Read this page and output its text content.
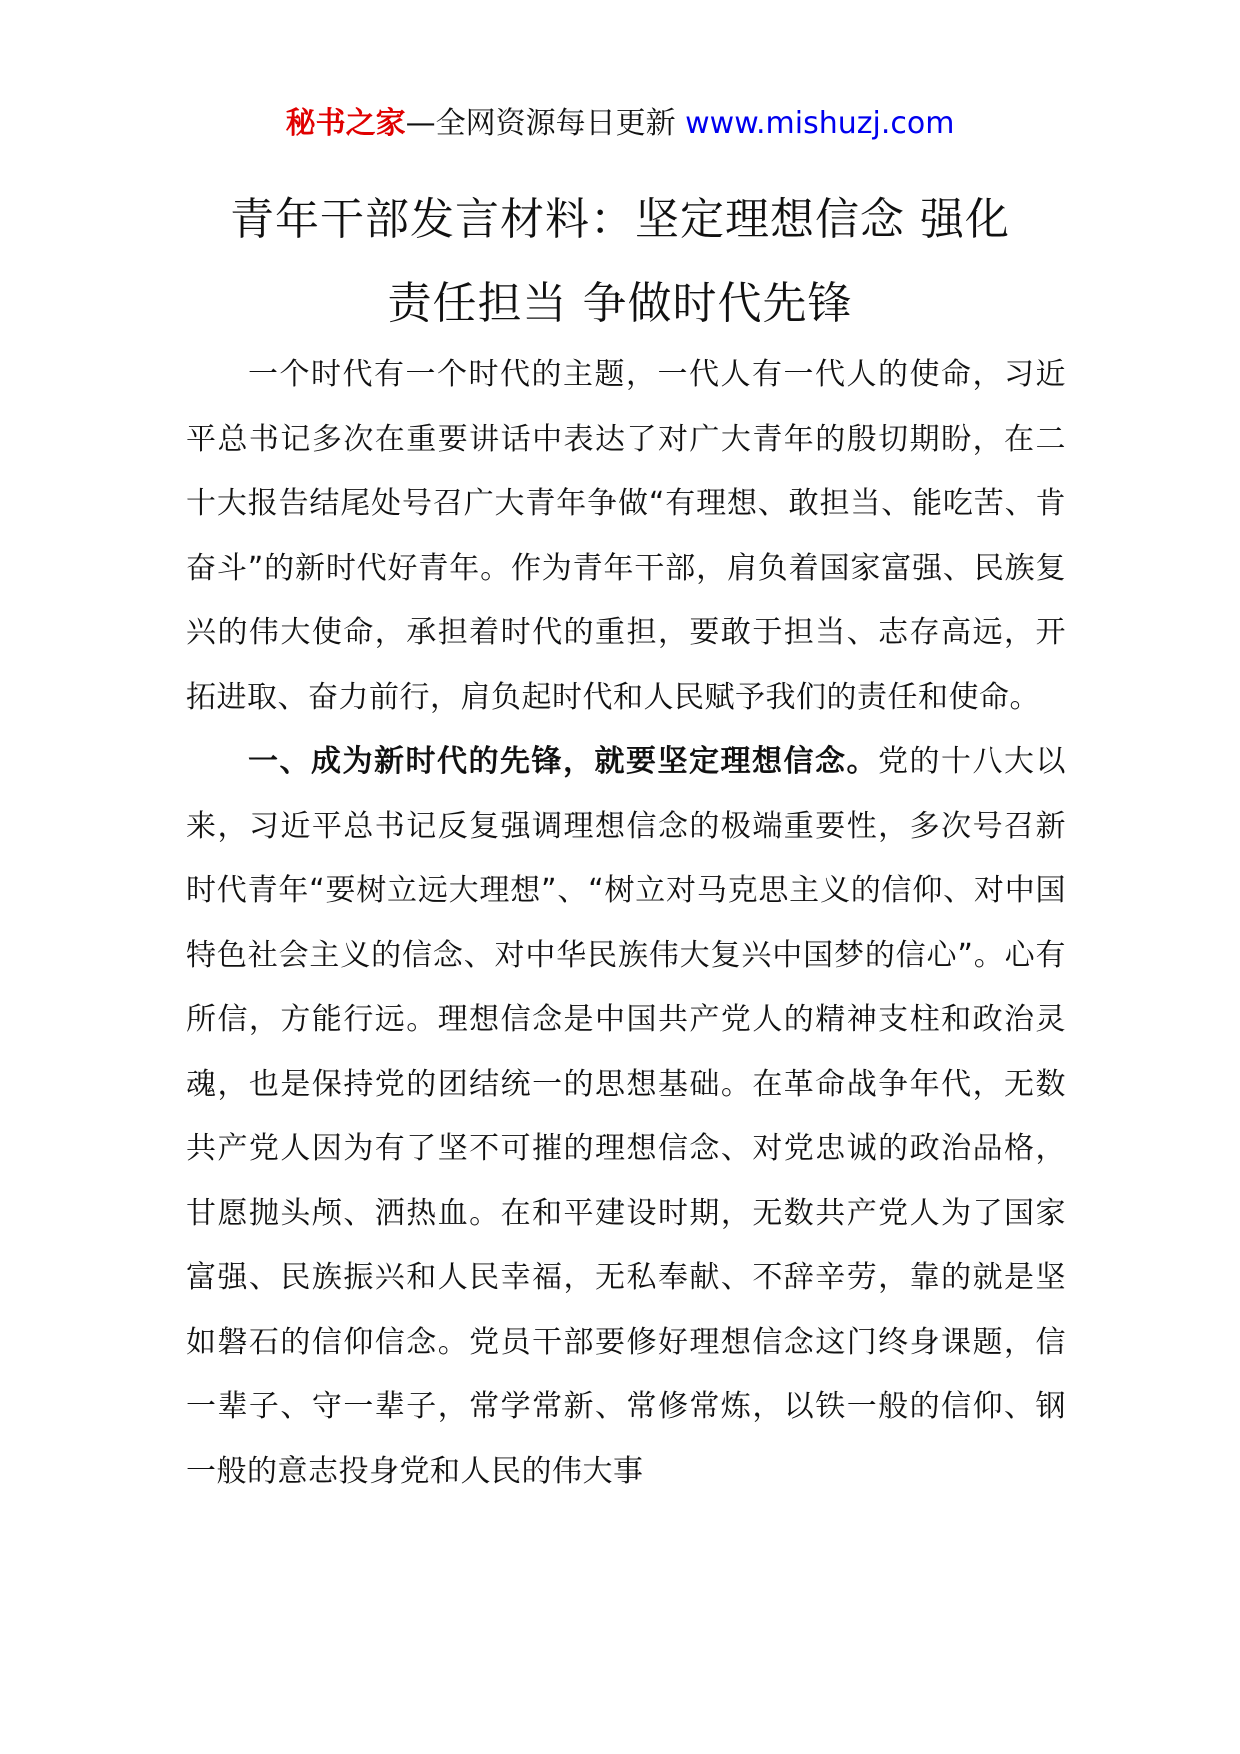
秘书之家—全网资源每日更新 www.mishuzj.com
青年干部发言材料：坚定理想信念 强化
责任担当 争做时代先锋

一个时代有一个时代的主题，一代人有一代人的使命，习近平总书记多次在重要讲话中表达了对广大青年的殷切期盼，在二十大报告结尾处号召广大青年争做“有理想、敢担当、能吃苦、肯奋斗”的新时代好青年。作为青年干部，肩负着国家富强、民族复兴的伟大使命，承担着时代的重担，要敢于担当、志存高远，开拓进取、奋力前行，肩负起时代和人民赋予我们的责任和使命。

一、成为新时代的先锋，就要坚定理想信念。党的十八大以来，习近平总书记反复强调理想信念的极端重要性，多次号召新时代青年“要树立远大理想”、“树立对马克思主义的信仰、对中国特色社会主义的信念、对中华民族伟大复兴中国梦的信心”。心有所信，方能行远。理想信念是中国共产党人的精神支柱和政治灵魂，也是保持党的团结统一的思想基础。在革命战争年代，无数共产党人因为有了坚不可摧的理想信念、对党忠诚的政治品格，甘愿抛头颅、洒热血。在和平建设时期，无数共产党人为了国家富强、民族振兴和人民幸福，无私奉献、不辞辛劳，靠的就是坚如磐石的信仰信念。党员干部要修好理想信念这门终身课题，信一辈子、守一辈子，常学常新、常修常炼，以铁一般的信仰、钢一般的意志投身党和人民的伟大事
